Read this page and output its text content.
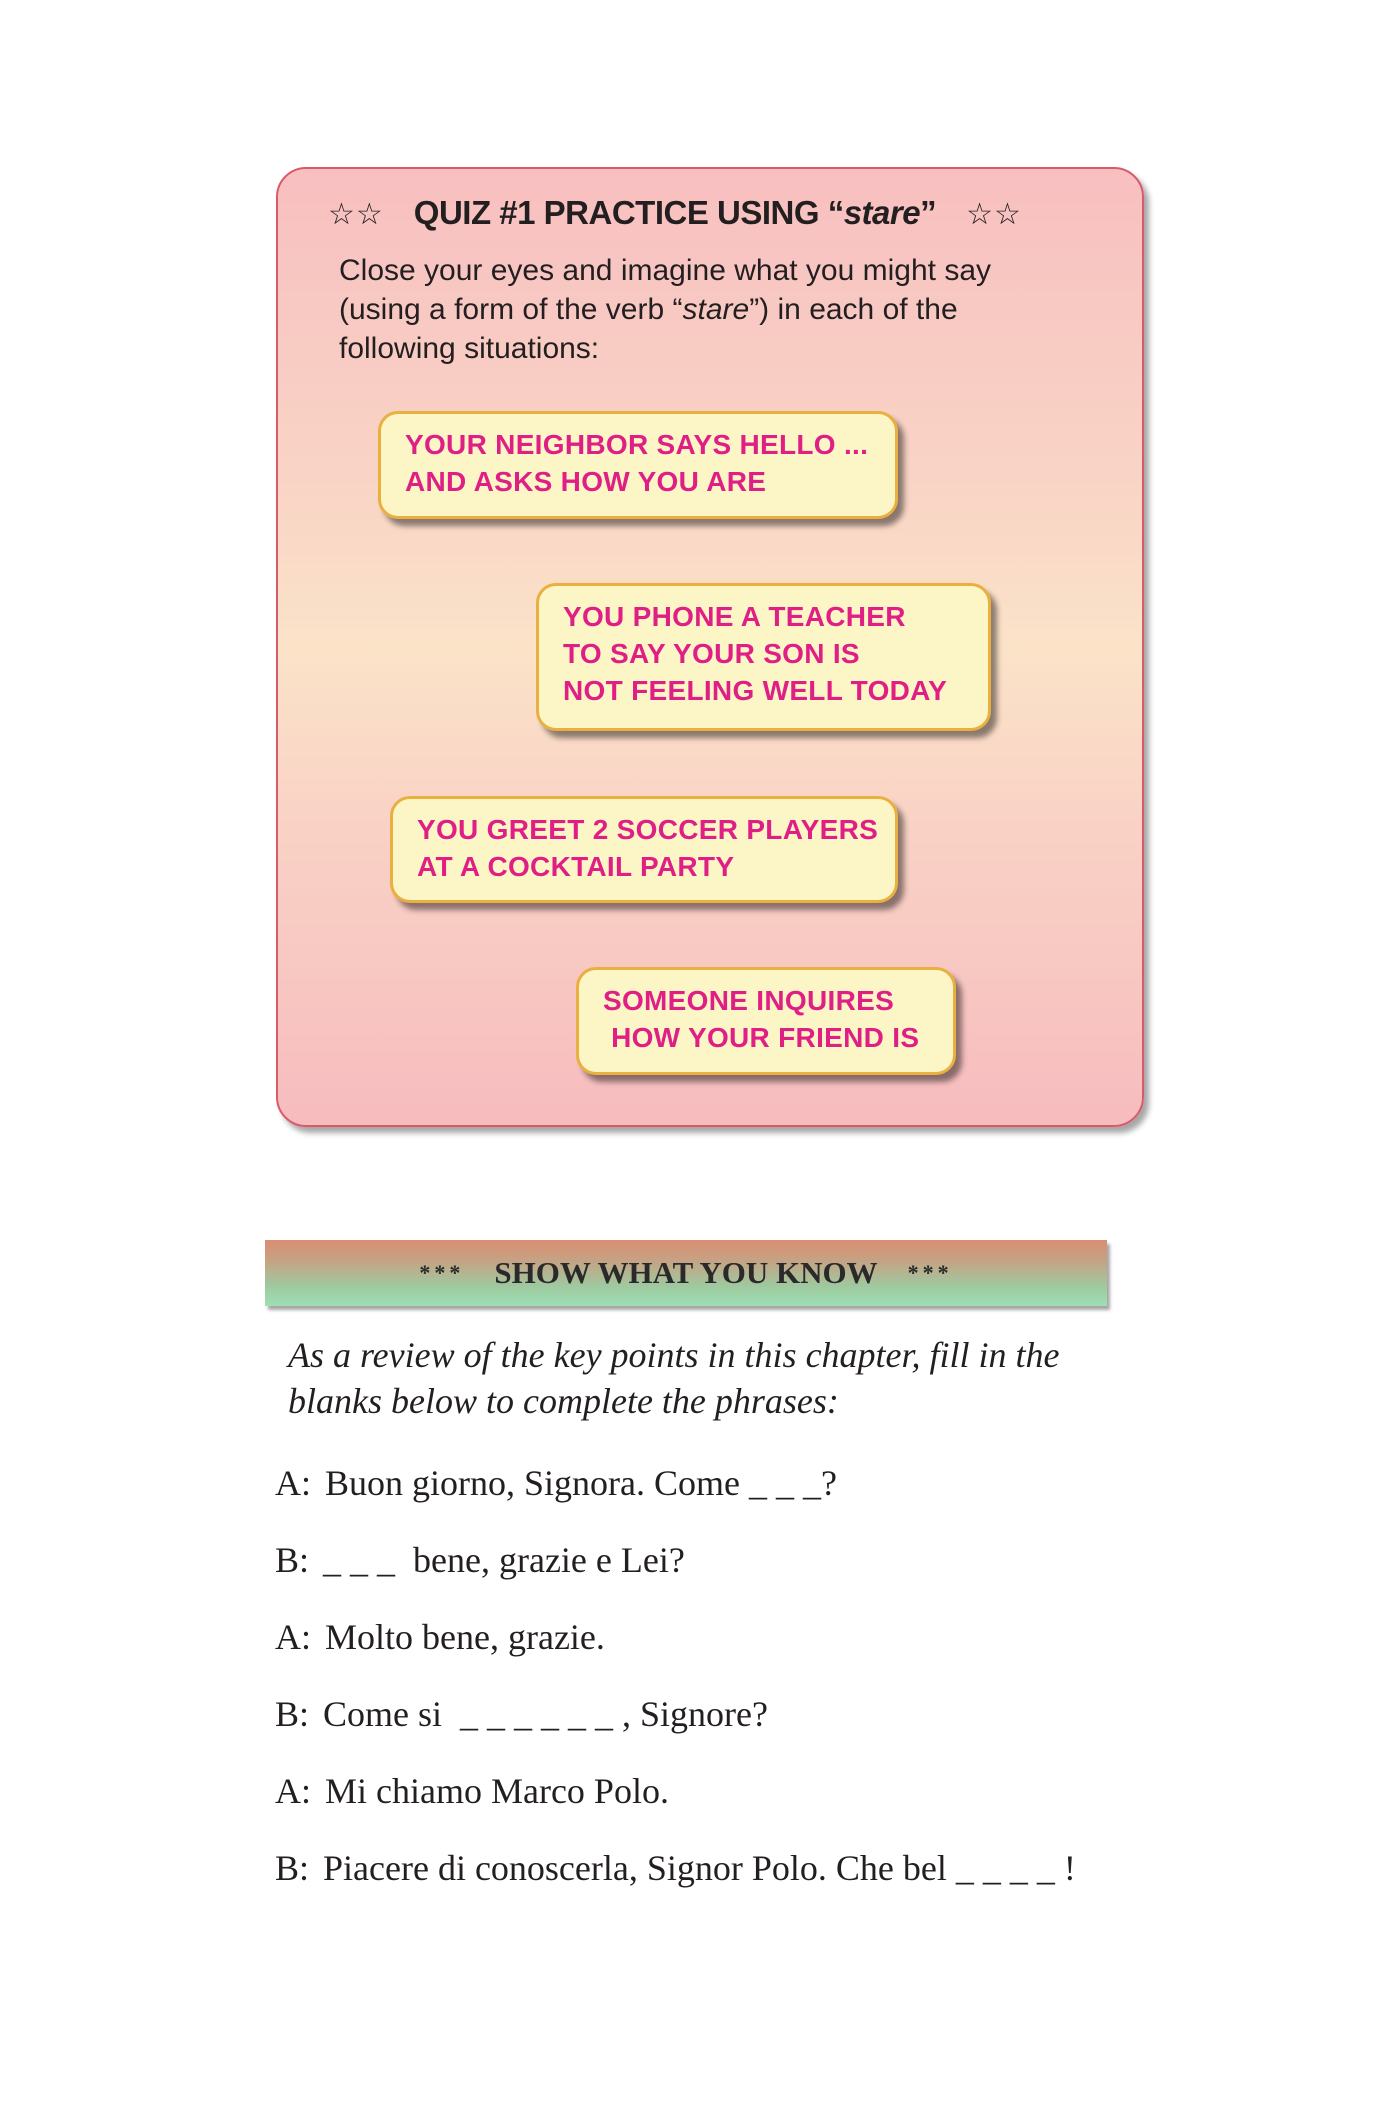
☆☆ QUIZ #1 PRACTICE USING “stare” ☆☆
Close your eyes and imagine what you might say
(using a form of the verb “stare”) in each of the
following situations:
YOUR NEIGHBOR SAYS HELLO ...
AND ASKS HOW YOU ARE
YOU PHONE A TEACHER
TO SAY YOUR SON IS
NOT FEELING WELL TODAY
YOU GREET 2 SOCCER PLAYERS
AT A COCKTAIL PARTY
SOMEONE INQUIRES
HOW YOUR FRIEND IS
*** SHOW WHAT YOU KNOW ***
As a review of the key points in this chapter, fill in the
blanks below to complete the phrases:
A: Buon giorno, Signora. Come _ _ _?
B: _ _ _  bene, grazie e Lei?
A: Molto bene, grazie.
B: Come si  _ _ _ _ _ _ , Signore?
A: Mi chiamo Marco Polo.
B: Piacere di conoscerla, Signor Polo. Che bel _ _ _ _ !
